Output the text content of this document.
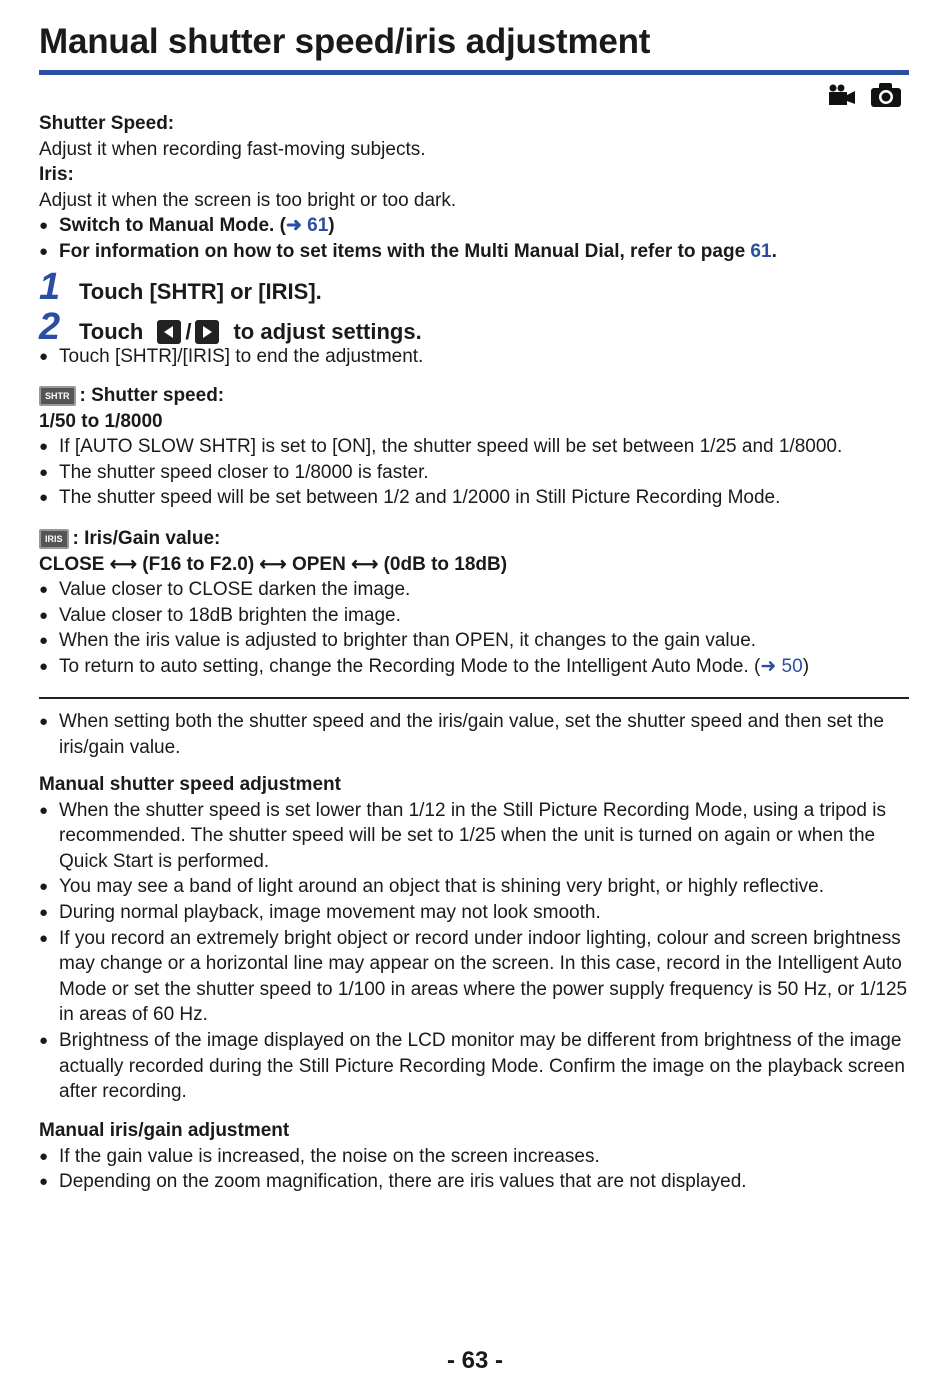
Manual shutter speed/iris adjustment
Shutter Speed:
Adjust it when recording fast-moving subjects.
Iris:
Adjust it when the screen is too bright or too dark.
● Switch to Manual Mode. (➜ 61)
● For information on how to set items with the Multi Manual Dial, refer to page 61.
1 Touch [SHTR] or [IRIS].
2 Touch / to adjust settings.
● Touch [SHTR]/[IRIS] to end the adjustment.
SHTR : Shutter speed:
1/50 to 1/8000
● If [AUTO SLOW SHTR] is set to [ON], the shutter speed will be set between 1/25 and 1/8000.
● The shutter speed closer to 1/8000 is faster.
● The shutter speed will be set between 1/2 and 1/2000 in Still Picture Recording Mode.
IRIS : Iris/Gain value:
CLOSE ⟷ (F16 to F2.0) ⟷ OPEN ⟷ (0dB to 18dB)
● Value closer to CLOSE darken the image.
● Value closer to 18dB brighten the image.
● When the iris value is adjusted to brighter than OPEN, it changes to the gain value.
● To return to auto setting, change the Recording Mode to the Intelligent Auto Mode. (➜ 50)
● When setting both the shutter speed and the iris/gain value, set the shutter speed and then set the iris/gain value.
Manual shutter speed adjustment
● When the shutter speed is set lower than 1/12 in the Still Picture Recording Mode, using a tripod is recommended. The shutter speed will be set to 1/25 when the unit is turned on again or when the Quick Start is performed.
● You may see a band of light around an object that is shining very bright, or highly reflective.
● During normal playback, image movement may not look smooth.
● If you record an extremely bright object or record under indoor lighting, colour and screen brightness may change or a horizontal line may appear on the screen. In this case, record in the Intelligent Auto Mode or set the shutter speed to 1/100 in areas where the power supply frequency is 50 Hz, or 1/125 in areas of 60 Hz.
● Brightness of the image displayed on the LCD monitor may be different from brightness of the image actually recorded during the Still Picture Recording Mode. Confirm the image on the playback screen after recording.
Manual iris/gain adjustment
● If the gain value is increased, the noise on the screen increases.
● Depending on the zoom magnification, there are iris values that are not displayed.
- 63 -
